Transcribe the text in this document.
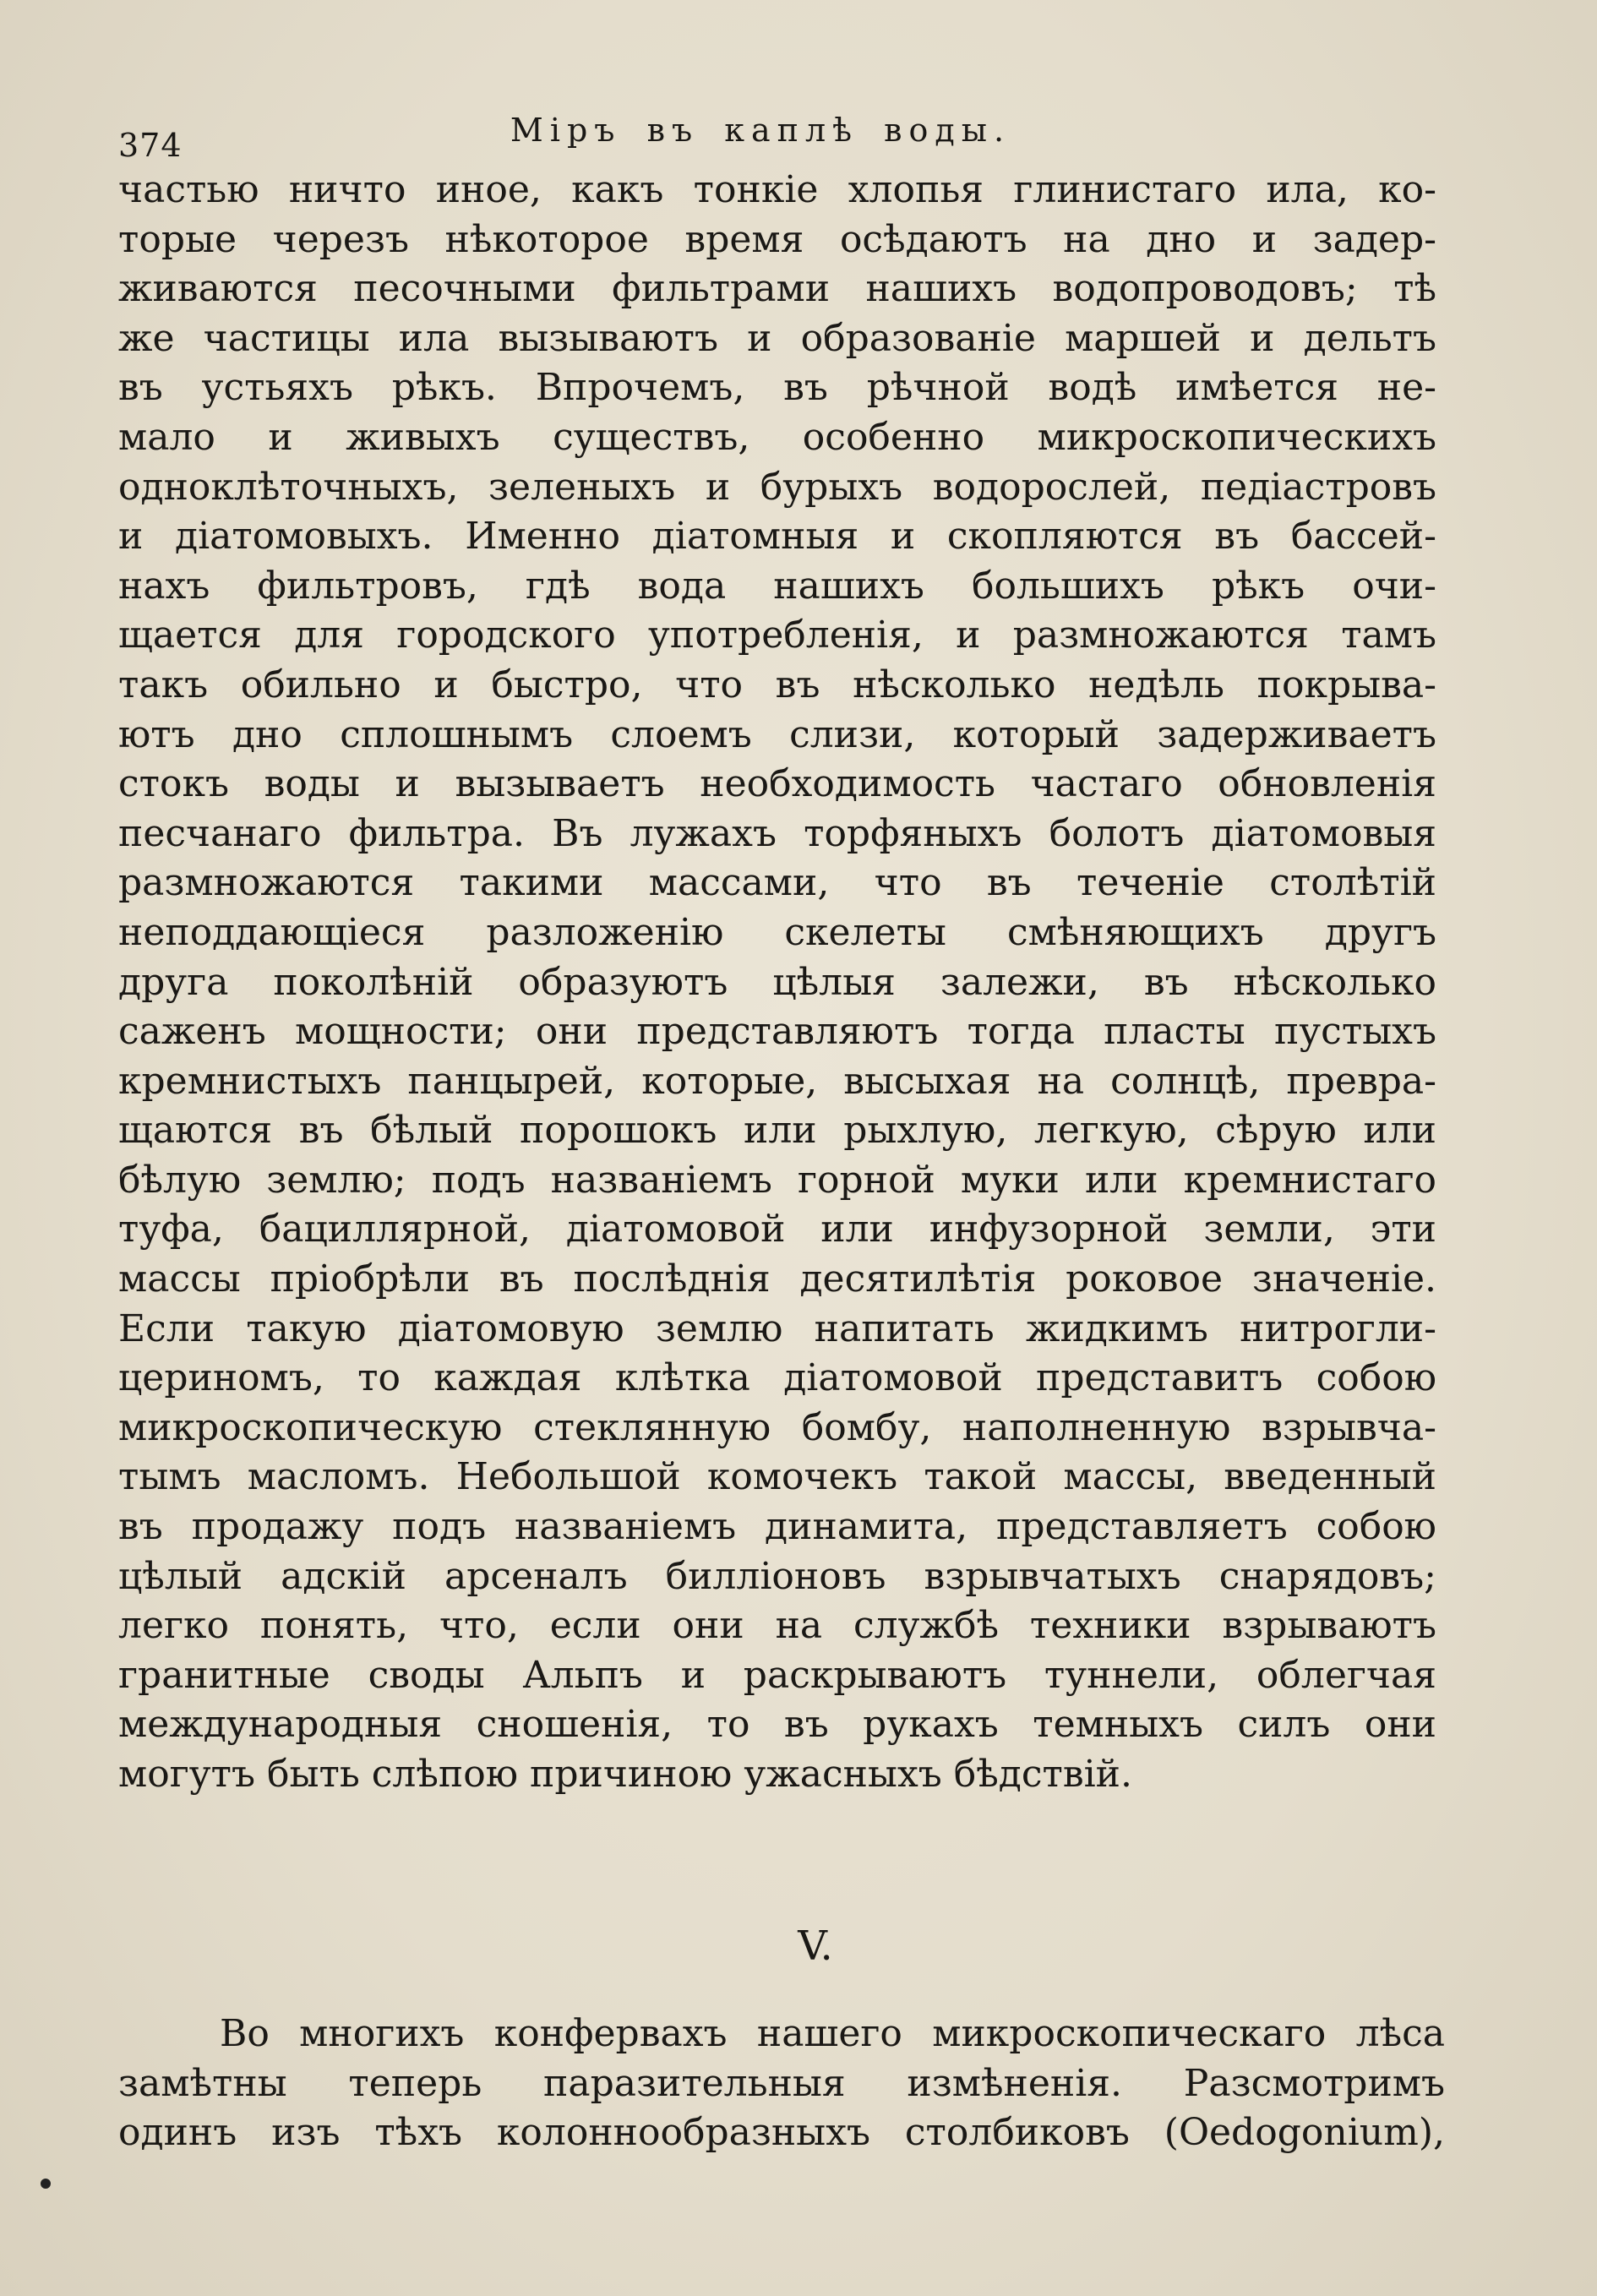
374	Міръ въ каплѣ воды.
частью ничто иное, какъ тонкіе хлопья глинистаго ила, ко-
торые черезъ нѣкоторое время осѣдаютъ на дно и задер-
живаются песочными фильтрами нашихъ водопроводовъ; тѣ
же частицы ила вызываютъ и образованіе маршей и дельтъ
въ устьяхъ рѣкъ. Впрочемъ, въ рѣчной водѣ имѣется не-
мало и живыхъ существъ, особенно микроскопическихъ
одноклѣточныхъ, зеленыхъ и бурыхъ водорослей, педіастровъ
и діатомовыхъ. Именно діатомныя и скопляются въ бассей-
нахъ фильтровъ, гдѣ вода нашихъ большихъ рѣкъ очи-
щается для городского употребленія, и размножаются тамъ
такъ обильно и быстро, что въ нѣсколько недѣль покрыва-
ютъ дно сплошнымъ слоемъ слизи, который задерживаетъ
стокъ воды и вызываетъ необходимость частаго обновленія
песчанаго фильтра. Въ лужахъ торфяныхъ болотъ діатомовыя
размножаются такими массами, что въ теченіе столѣтій
неподдающіеся разложенію скелеты смѣняющихъ другъ
друга поколѣній образуютъ цѣлыя залежи, въ нѣсколько
саженъ мощности; они представляютъ тогда пласты пустыхъ
кремнистыхъ панцырей, которые, высыхая на солнцѣ, превра-
щаются въ бѣлый порошокъ или рыхлую, легкую, сѣрую или
бѣлую землю; подъ названіемъ горной муки или кремнистаго
туфа, бациллярной, діатомовой или инфузорной земли, эти
массы пріобрѣли въ послѣднія десятилѣтія роковое значеніе.
Если такую діатомовую землю напитать жидкимъ нитрогли-
цериномъ, то каждая клѣтка діатомовой представитъ собою
микроскопическую стеклянную бомбу, наполненную взрывча-
тымъ масломъ. Небольшой комочекъ такой массы, введенный
въ продажу подъ названіемъ динамита, представляетъ собою
цѣлый адскій арсеналъ билліоновъ взрывчатыхъ снарядовъ;
легко понять, что, если они на службѣ техники взрываютъ
гранитные своды Альпъ и раскрываютъ туннели, облегчая
международныя сношенія, то въ рукахъ темныхъ силъ они
могутъ быть слѣпою причиною ужасныхъ бѣдствій.
V.
Во многихъ конфервахъ нашего микроскопическаго лѣса
замѣтны теперь паразительныя измѣненія. Разсмотримъ
одинъ изъ тѣхъ колоннообразныхъ столбиковъ (Oedogonium),
